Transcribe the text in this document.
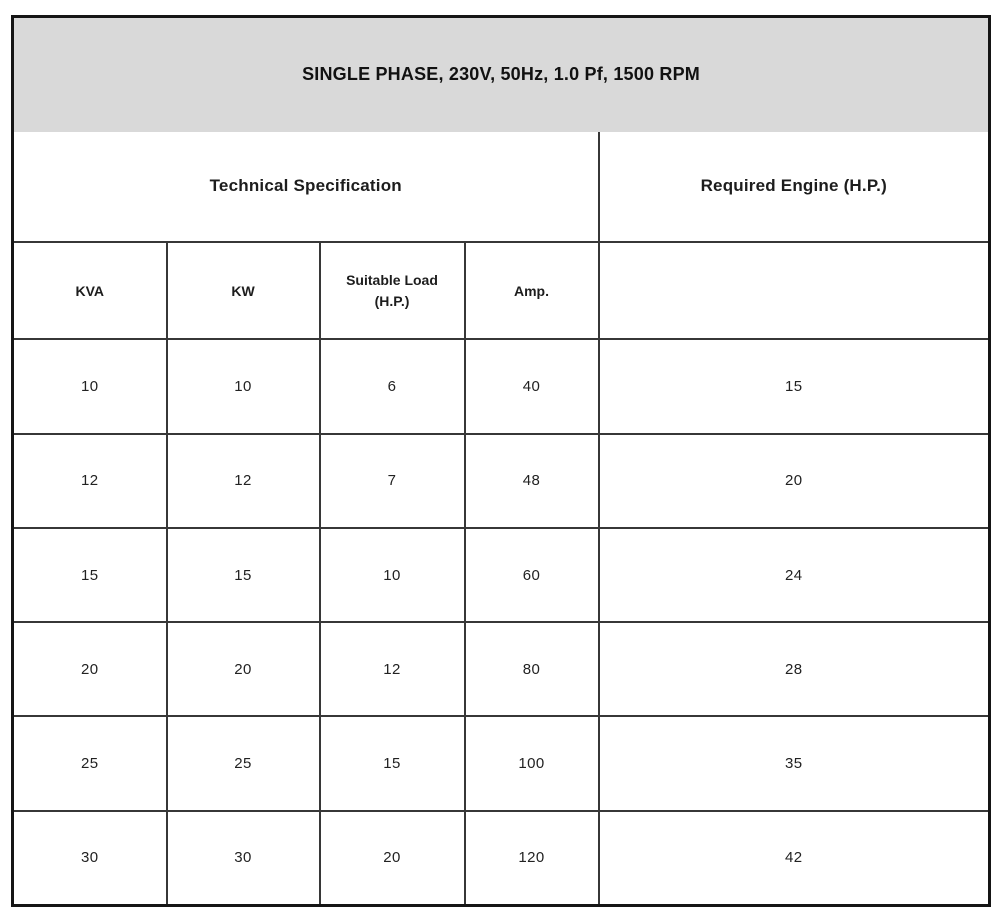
SINGLE PHASE, 230V, 50Hz, 1.0 Pf, 1500 RPM				
Technical Specification				Required Engine (H.P.)
KVA	KW	Suitable Load (H.P.)	Amp.	
10	10	6	40	15
12	12	7	48	20
15	15	10	60	24
20	20	12	80	28
25	25	15	100	35
30	30	20	120	42
